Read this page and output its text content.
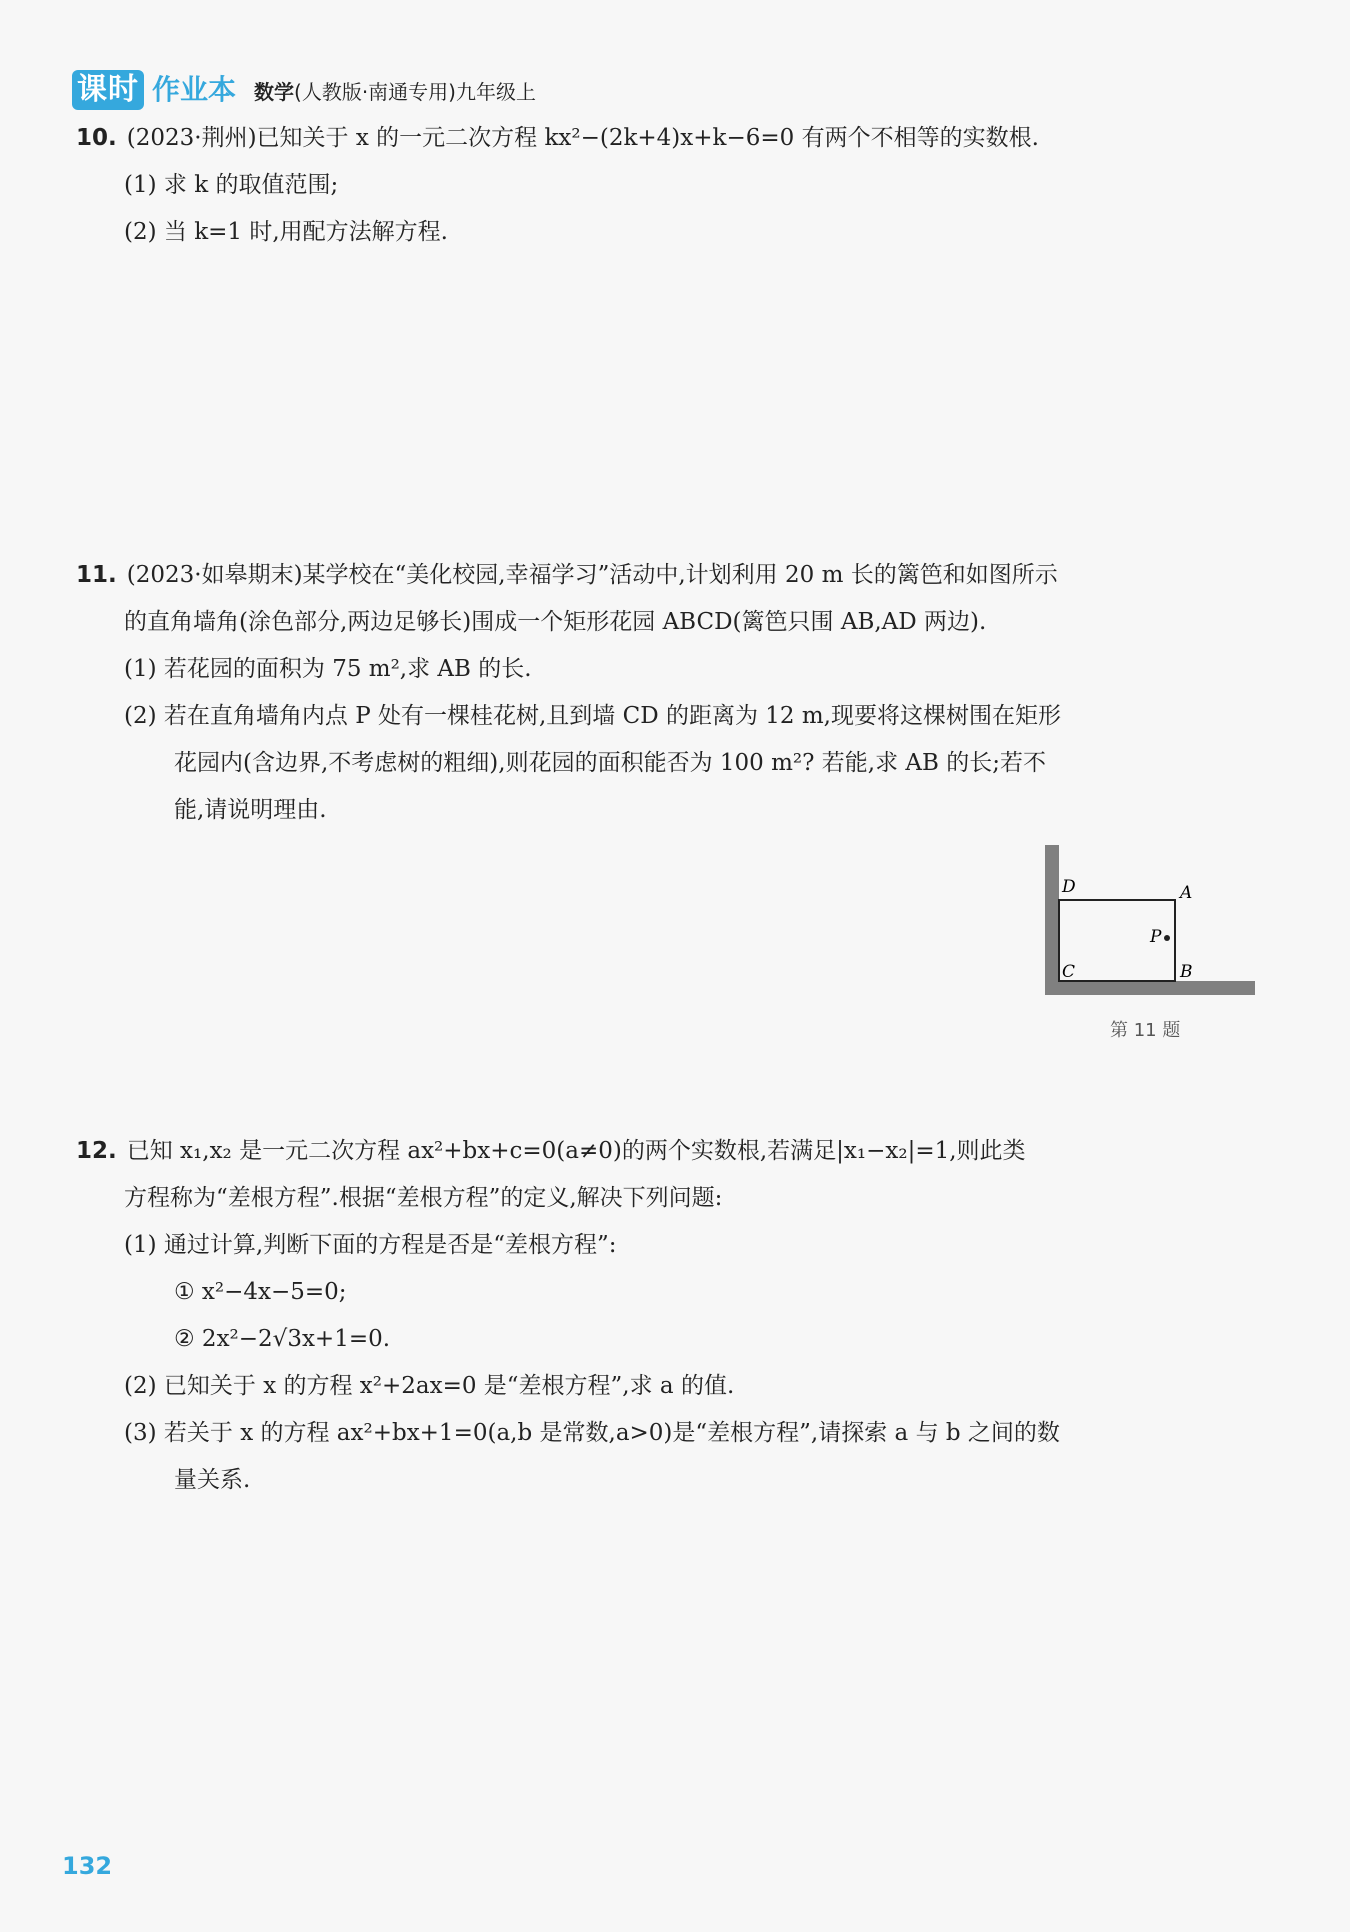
课时 作业本 数学(人教版·南通专用)九年级上
10. (2023·荆州)已知关于 x 的一元二次方程 kx²−(2k+4)x+k−6=0 有两个不相等的实数根.
(1) 求 k 的取值范围;
(2) 当 k=1 时,用配方法解方程.
11. (2023·如皋期末)某学校在“美化校园,幸福学习”活动中,计划利用 20 m 长的篱笆和如图所示
的直角墙角(涂色部分,两边足够长)围成一个矩形花园 ABCD(篱笆只围 AB,AD 两边).
(1) 若花园的面积为 75 m²,求 AB 的长.
(2) 若在直角墙角内点 P 处有一棵桂花树,且到墙 CD 的距离为 12 m,现要将这棵树围在矩形
花园内(含边界,不考虑树的粗细),则花园的面积能否为 100 m²? 若能,求 AB 的长;若不
能,请说明理由.
D	A
P
C	B
第 11 题
12. 已知 x₁,x₂ 是一元二次方程 ax²+bx+c=0(a≠0)的两个实数根,若满足|x₁−x₂|=1,则此类
方程称为“差根方程”.根据“差根方程”的定义,解决下列问题:
(1) 通过计算,判断下面的方程是否是“差根方程”:
① x²−4x−5=0;
② 2x²−2√3x+1=0.
(2) 已知关于 x 的方程 x²+2ax=0 是“差根方程”,求 a 的值.
(3) 若关于 x 的方程 ax²+bx+1=0(a,b 是常数,a>0)是“差根方程”,请探索 a 与 b 之间的数
量关系.
132
